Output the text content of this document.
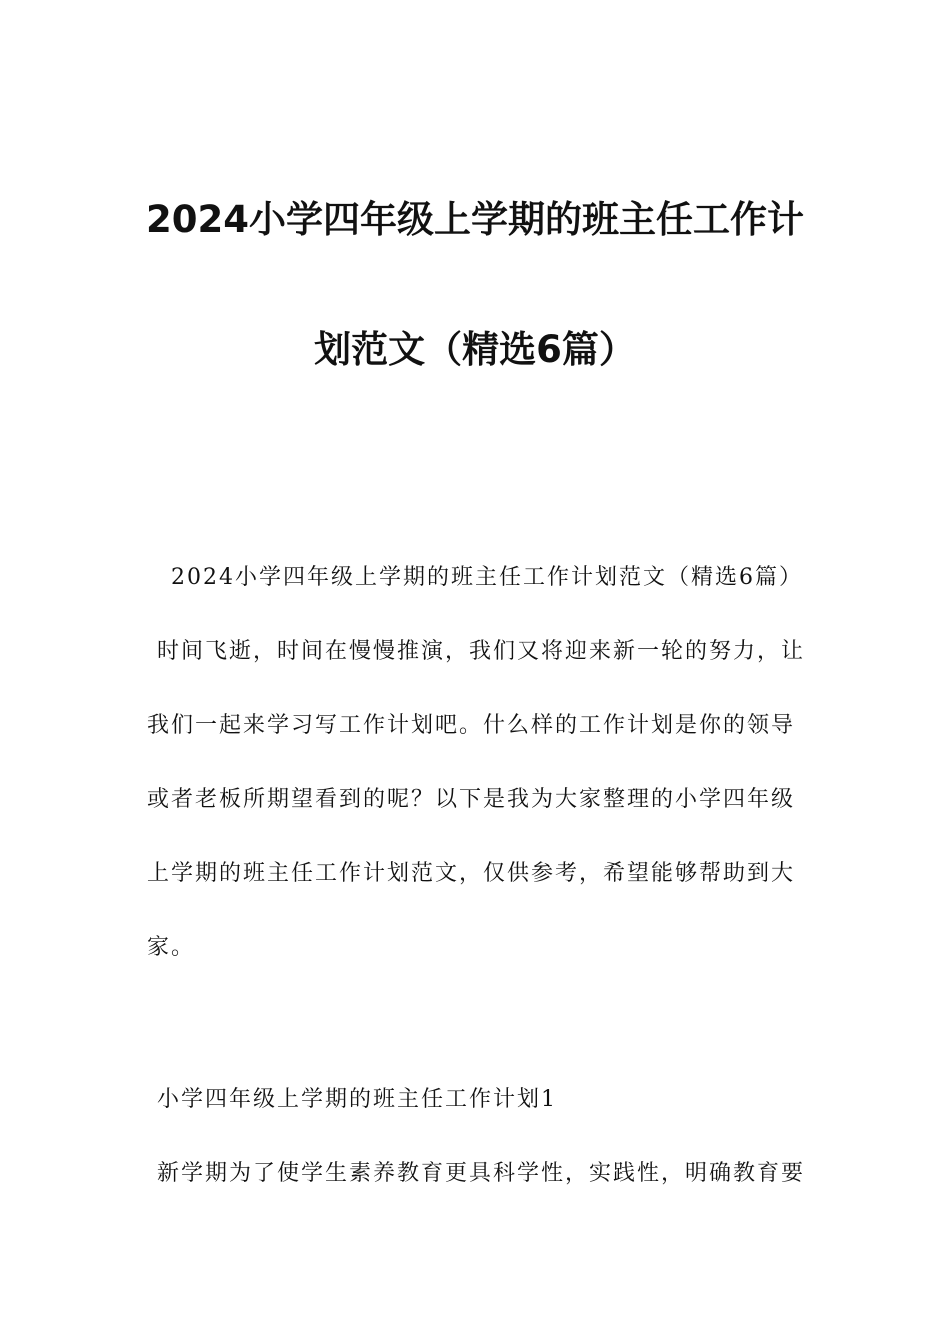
2024小学四年级上学期的班主任工作计
划范文（精选6篇）
2024小学四年级上学期的班主任工作计划范文（精选6篇）
时间飞逝，时间在慢慢推演，我们又将迎来新一轮的努力，让
我们一起来学习写工作计划吧。什么样的工作计划是你的领导
或者老板所期望看到的呢？以下是我为大家整理的小学四年级
上学期的班主任工作计划范文，仅供参考，希望能够帮助到大
家。
小学四年级上学期的班主任工作计划1
新学期为了使学生素养教育更具科学性，实践性，明确教育要
